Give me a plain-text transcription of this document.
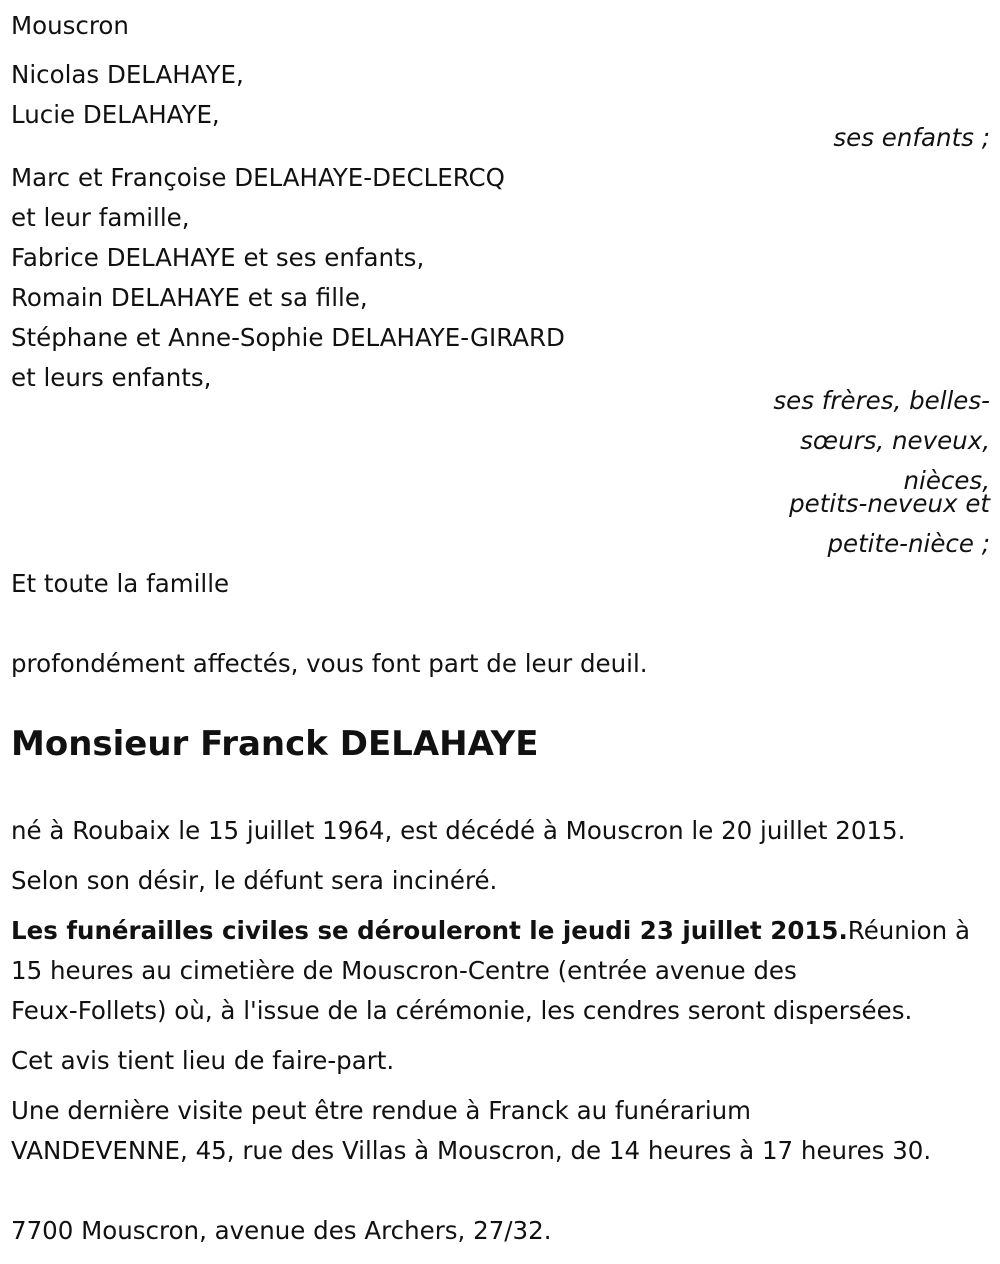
Mouscron
Nicolas DELAHAYE,
Lucie DELAHAYE,
ses enfants ;
Marc et Françoise DELAHAYE-DECLERCQ
et leur famille,
Fabrice DELAHAYE et ses enfants,
Romain DELAHAYE et sa fille,
Stéphane et Anne-Sophie DELAHAYE-GIRARD
et leurs enfants,
ses frères, belles-
sœurs, neveux,
nièces,
petits-neveux et
petite-nièce ;
Et toute la famille
profondément affectés, vous font part de leur deuil.
Monsieur Franck DELAHAYE
né à Roubaix le 15 juillet 1964, est décédé à Mouscron le 20 juillet 2015.
Selon son désir, le défunt sera incinéré.
Les funérailles civiles se dérouleront le jeudi 23 juillet 2015.Réunion à
15 heures au cimetière de Mouscron-Centre (entrée avenue des
Feux-Follets) où, à l'issue de la cérémonie, les cendres seront dispersées.
Cet avis tient lieu de faire-part.
Une dernière visite peut être rendue à Franck au funérarium
VANDEVENNE, 45, rue des Villas à Mouscron, de 14 heures à 17 heures 30.
7700 Mouscron, avenue des Archers, 27/32.
